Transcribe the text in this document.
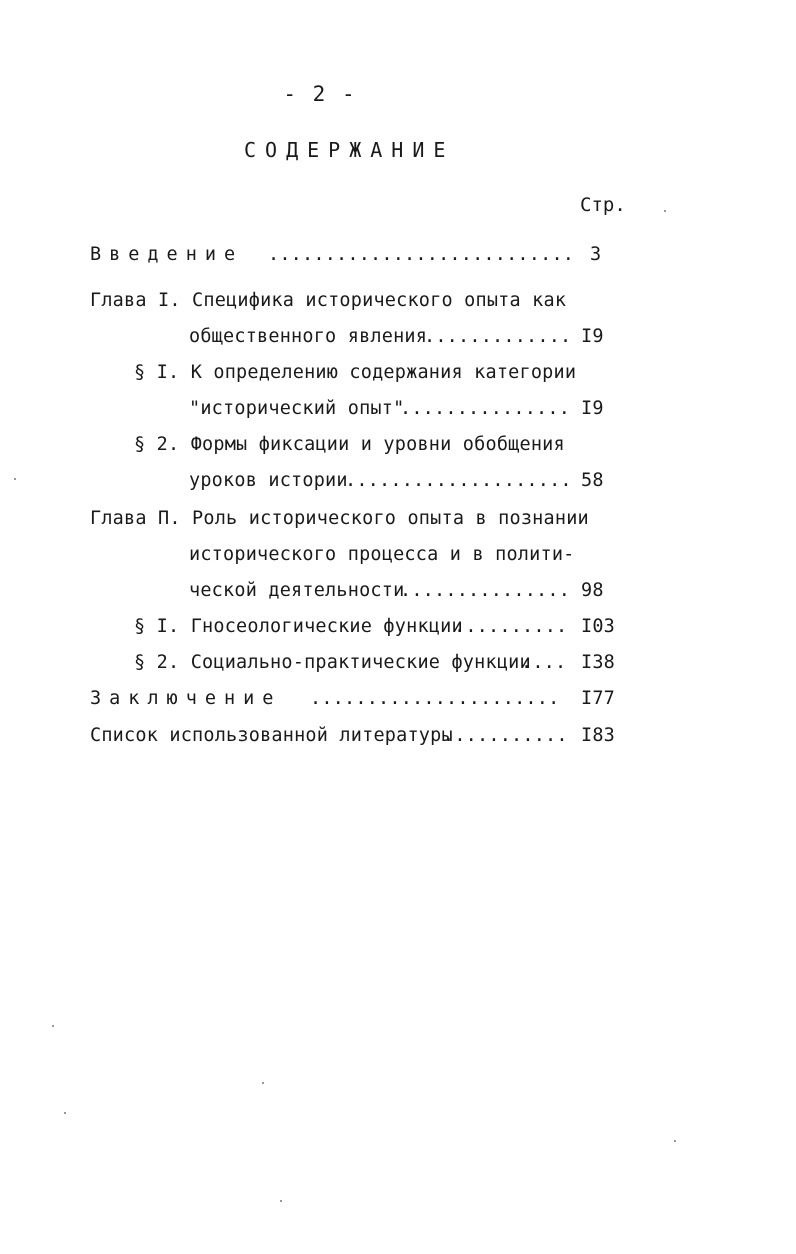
- 2 -
СОДЕРЖАНИЕ
Стр.
Введение ........................... 3
Глава I. Специфика исторического опыта как
общественного явления
............. I9
§ I. К определению содержания категории
"исторический опыт"
............... I9
§ 2. Формы фиксации и уровни обобщения
уроков истории
.................... 58
Глава П. Роль исторического опыта в познании
исторического процесса и в полити-
ческой деятельности
............... 98
§ I. Гносеологические функции
.......... I03
§ 2. Социально-практические функции
.... I38
Заключение ...................... I77
Список использованной литературы
........... I83
